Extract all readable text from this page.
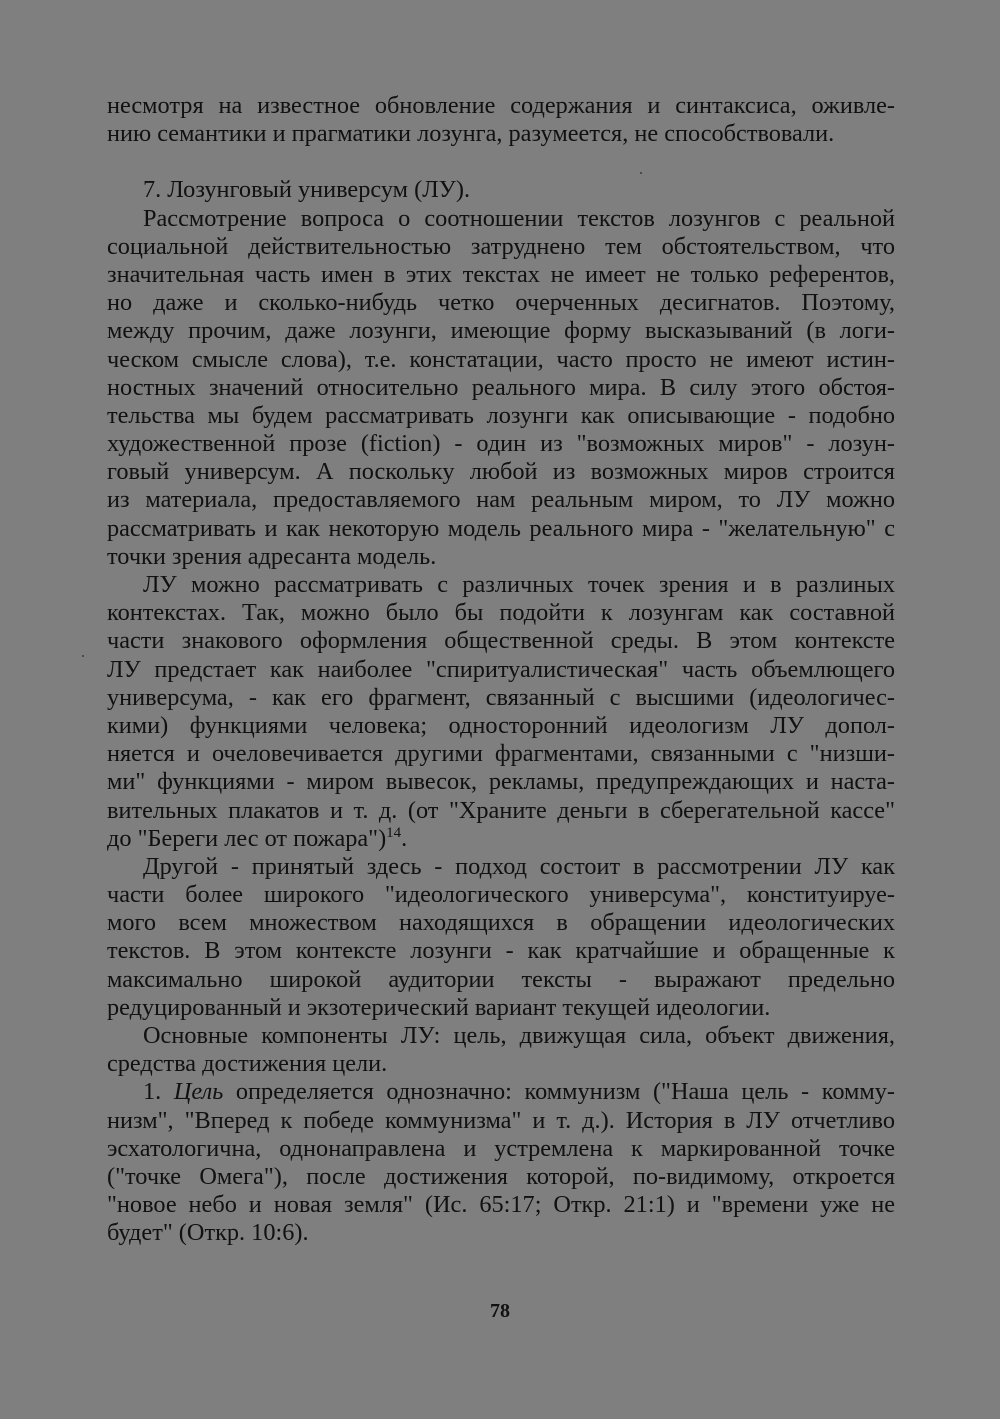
несмотря на известное обновление содержания и синтаксиса, оживле-
нию семантики и прагматики лозунга, разумеется, не способствовали.
7. Лозунговый универсум (ЛУ).
Рассмотрение вопроса о соотношении текстов лозунгов с реальной
социальной действительностью затруднено тем обстоятельством, что
значительная часть имен в этих текстах не имеет не только референтов,
но даже и сколько-нибудь четко очерченных десигнатов. Поэтому,
между прочим, даже лозунги, имеющие форму высказываний (в логи-
ческом смысле слова), т.е. констатации, часто просто не имеют истин-
ностных значений относительно реального мира. В силу этого обстоя-
тельства мы будем рассматривать лозунги как описывающие - подобно
художественной прозе (fiction) - один из "возможных миров" - лозун-
говый универсум. А поскольку любой из возможных миров строится
из материала, предоставляемого нам реальным миром, то ЛУ можно
рассматривать и как некоторую модель реального мира - "желательную" с
точки зрения адресанта модель.
ЛУ можно рассматривать с различных точек зрения и в разлиных
контекстах. Так, можно было бы подойти к лозунгам как составной
части знакового оформления общественной среды. В этом контексте
ЛУ предстает как наиболее "спиритуалистическая" часть объемлющего
универсума, - как его фрагмент, связанный с высшими (идеологичес-
кими) функциями человека; односторонний идеологизм ЛУ допол-
няется и очеловечивается другими фрагментами, связанными с "низши-
ми" функциями - миром вывесок, рекламы, предупреждающих и наста-
вительных плакатов и т. д. (от "Храните деньги в сберегательной кассе"
до "Береги лес от пожара")$^{14}$.
Другой - принятый здесь - подход состоит в рассмотрении ЛУ как
части более широкого "идеологического универсума", конституируе-
мого всем множеством находящихся в обращении идеологических
текстов. В этом контексте лозунги - как кратчайшие и обращенные к
максимально широкой аудитории тексты - выражают предельно
редуцированный и экзотерический вариант текущей идеологии.
Основные компоненты ЛУ: цель, движущая сила, объект движения,
средства достижения цели.
1. Цель определяется однозначно: коммунизм ("Наша цель - комму-
низм", "Вперед к победе коммунизма" и т. д.). История в ЛУ отчетливо
эсхатологична, однонаправлена и устремлена к маркированной точке
("точке Омега"), после достижения которой, по-видимому, откроется
"новое небо и новая земля" (Ис. 65:17; Откр. 21:1) и "времени уже не
будет" (Откр. 10:6).
78
